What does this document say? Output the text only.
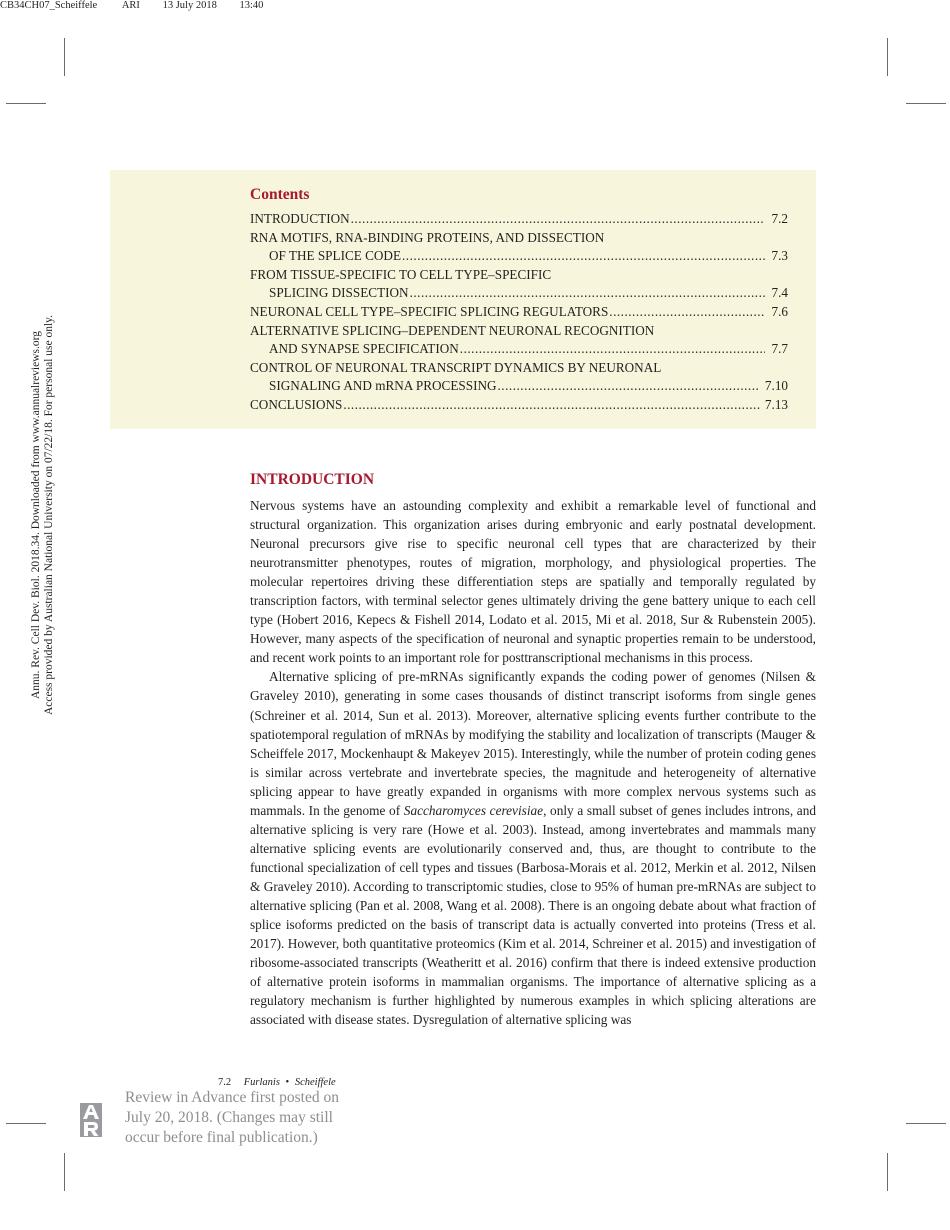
CB34CH07_Scheiffele ARI 13 July 2018 13:40
Annu. Rev. Cell Dev. Biol. 2018.34. Downloaded from www.annualreviews.org Access provided by Australian National University on 07/22/18. For personal use only.
Contents
INTRODUCTION . . .	7.2
RNA MOTIFS, RNA-BINDING PROTEINS, AND DISSECTION
OF THE SPLICE CODE . . .	7.3
FROM TISSUE-SPECIFIC TO CELL TYPE–SPECIFIC
SPLICING DISSECTION . . .	7.4
NEURONAL CELL TYPE–SPECIFIC SPLICING REGULATORS . . .	7.6
ALTERNATIVE SPLICING–DEPENDENT NEURONAL RECOGNITION
AND SYNAPSE SPECIFICATION . . .	7.7
CONTROL OF NEURONAL TRANSCRIPT DYNAMICS BY NEURONAL
SIGNALING AND mRNA PROCESSING . . .	7.10
CONCLUSIONS . . .	7.13
INTRODUCTION

Nervous systems have an astounding complexity and exhibit a remarkable level of functional and structural organization. This organization arises during embryonic and early postnatal development. Neuronal precursors give rise to specific neuronal cell types that are characterized by their neurotransmitter phenotypes, routes of migration, morphology, and physiological properties. The molecular repertoires driving these differentiation steps are spatially and temporally regulated by transcription factors, with terminal selector genes ultimately driving the gene battery unique to each cell type (Hobert 2016, Kepecs & Fishell 2014, Lodato et al. 2015, Mi et al. 2018, Sur & Rubenstein 2005). However, many aspects of the specification of neuronal and synaptic properties remain to be understood, and recent work points to an important role for posttranscriptional mechanisms in this process.

Alternative splicing of pre-mRNAs significantly expands the coding power of genomes (Nilsen & Graveley 2010), generating in some cases thousands of distinct transcript isoforms from single genes (Schreiner et al. 2014, Sun et al. 2013). Moreover, alternative splicing events further contribute to the spatiotemporal regulation of mRNAs by modifying the stability and localization of transcripts (Mauger & Scheiffele 2017, Mockenhaupt & Makeyev 2015). Interestingly, while the number of protein coding genes is similar across vertebrate and invertebrate species, the magnitude and heterogeneity of alternative splicing appear to have greatly expanded in organisms with more complex nervous systems such as mammals. In the genome of Saccharomyces cerevisiae, only a small subset of genes includes introns, and alternative splicing is very rare (Howe et al. 2003). Instead, among invertebrates and mammals many alternative splicing events are evolutionarily conserved and, thus, are thought to contribute to the functional specialization of cell types and tissues (Barbosa-Morais et al. 2012, Merkin et al. 2012, Nilsen & Graveley 2010). According to transcriptomic studies, close to 95% of human pre-mRNAs are subject to alternative splicing (Pan et al. 2008, Wang et al. 2008). There is an ongoing debate about what fraction of splice isoforms predicted on the basis of transcript data is actually converted into proteins (Tress et al. 2017). However, both quantitative proteomics (Kim et al. 2014, Schreiner et al. 2015) and investigation of ribosome-associated transcripts (Weatheritt et al. 2016) confirm that there is indeed extensive production of alternative protein isoforms in mammalian organisms. The importance of alternative splicing as a regulatory mechanism is further highlighted by numerous examples in which splicing alterations are associated with disease states. Dysregulation of alternative splicing was

7.2 Furlanis • Scheiffele
Review in Advance first posted on
July 20, 2018. (Changes may still
occur before final publication.)
